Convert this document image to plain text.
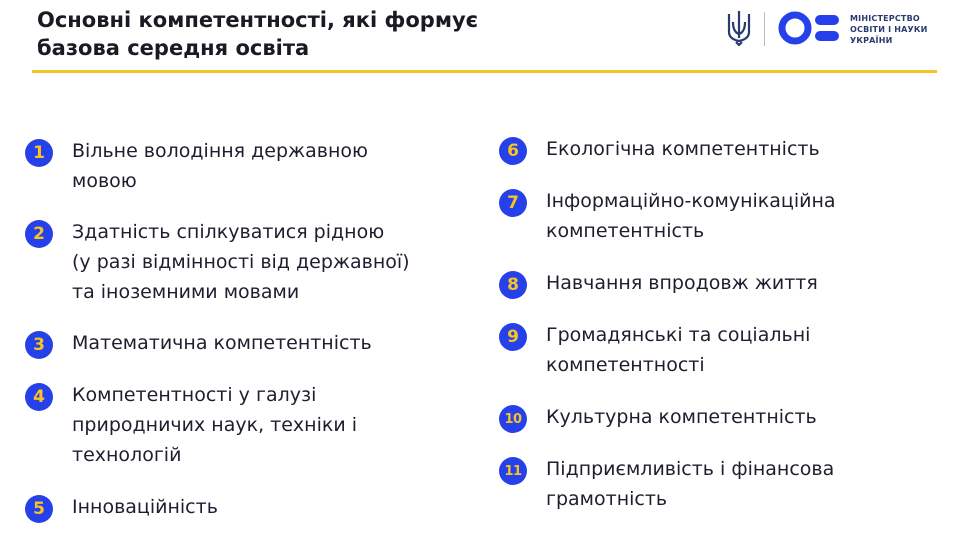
Основні компетентності, які формує
базова середня освіта
МІНІСТЕРСТВО
ОСВІТИ І НАУКИ
УКРАЇНИ
1	Вільне володіння державною
мовою
2	Здатність спілкуватися рідною
(у разі відмінності від державної)
та іноземними мовами
3	Математична компетентність
4	Компетентності у галузі
природничих наук, техніки і
технологій
5	Інноваційність
6	Екологічна компетентність
7	Інформаційно-комунікаційна
компетентність
8	Навчання впродовж життя
9	Громадянські та соціальні
компетентності
10 Культурна компетентність
11 Підприємливість і фінансова
грамотність
